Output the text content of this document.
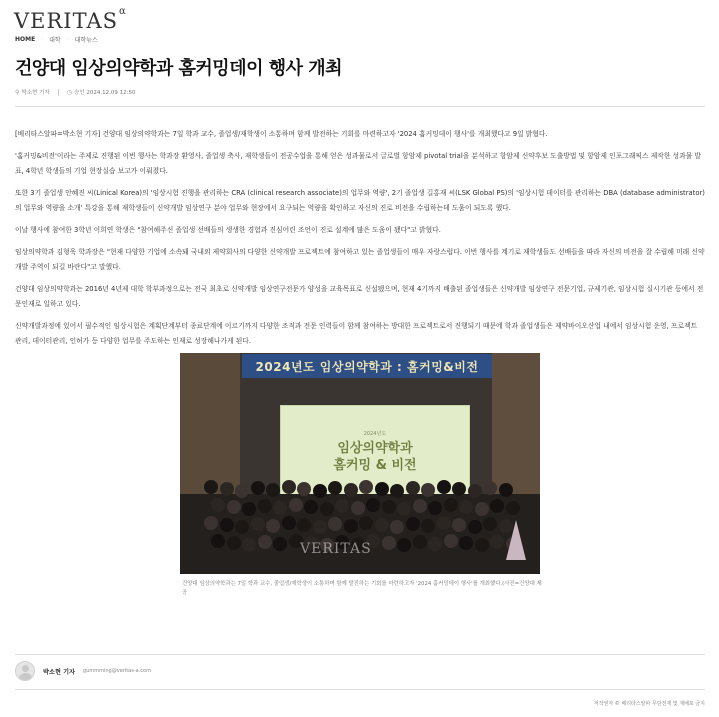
$VERITAS^\alpha$
HOME · 대학 · 대학뉴스
건양대 임상의약학과 홈커밍데이 행사 개최
⚲ 박소현 기자	◷ 승인 2024.12.09 12:50

[베리타스알파=박소현 기자] 건양대 임상의약학과는 7일 학과 교수, 졸업생/재학생이 소통하며 함께 발전하는 기회를 마련하고자 '2024 홈커밍데이 행사'를 개최했다고 9일 밝혔다.

'홈커밍&비전'이라는 주제로 진행된 이번 행사는 학과장 환영사, 졸업생 축사, 재학생들이 전공수업을 통해 얻은 성과물로서 글로벌 항암제 pivotal trial을 분석하고 항암제 신약후보 도출방법 및 항암제 인포그래픽스 제작한 성과물 발표, 4학년 학생들의 기업 현장실습 보고가 이뤄졌다.

또한 3기 졸업생 안혜진 씨(Linical Korea)의 '임상시험 진행을 관리하는 CRA (clinical research associate)의 업무와 역량', 2기 졸업생 길홍재 씨(LSK Global PS)의 '임상시험 데이터를 관리하는 DBA (database administrator)의 업무와 역량을 소개' 특강을 통해 재학생들이 신약개발 임상연구 분야 업무와 현장에서 요구되는 역량을 확인하고 자신의 진로 비전을 수립하는데 도움이 되도록 했다.

이날 행사에 참여한 3학년 이희연 학생은 "참여해주신 졸업생 선배들의 생생한 경험과 진심어린 조언이 진로 설계에 많은 도움이 됐다"고 밝혔다.

임상의약학과 김형욱 학과장은 "현재 다양한 기업에 소속돼 국내외 제약회사의 다양한 신약개발 프로젝트에 참여하고 있는 졸업생들이 매우 자랑스럽다. 이번 행사를 계기로 재학생들도 선배들을 따라 자신의 비전을 잘 수립해 미래 신약개발 주역이 되길 바란다"고 말했다.

건양대 임상의약학과는 2016년 4년제 대학 학부과정으로는 전국 최초로 신약개발 임상연구전문가 양성을 교육목표로 신설됐으며, 현재 4기까지 배출된 졸업생들은 신약개발 임상연구 전문기업, 규제기관, 임상시험 실시기관 등에서 전문인재로 일하고 있다.

신약개발과정에 있어서 필수적인 임상시험은 계획단계부터 종료단계에 이르기까지 다양한 조직과 전문 인력들이 함께 참여하는 방대한 프로젝트로서 진행되기 때문에 학과 졸업생들은 제약바이오산업 내에서 임상시험 운영, 프로젝트 관리, 데이터관리, 인허가 등 다양한 업무를 주도하는 인재로 성장해나가게 된다.

2024년도 임상의약학과 : 홈커밍&비전
2024년도
임상의약학과
홈커밍 & 비전
VERITAS
건양대 임상의약학과는 7일 학과 교수, 졸업생/재학생이 소통하며 함께 발전하는 기회를 마련하고자 '2024 홈커밍데이 행사'를 개최했다.(사진=건양대 제공
박소현 기자 gummming@veritas-a.com
저작권자 © 베리타스알파 무단전재 및 재배포 금지
